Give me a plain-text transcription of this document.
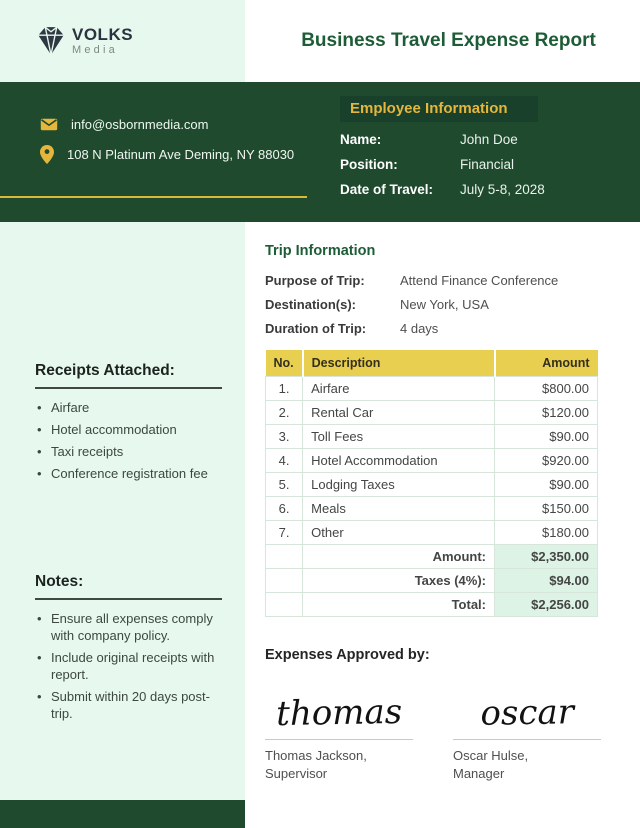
VOLKS
Media	Business Travel Expense Report
info@osbornmedia.com
108 N Platinum Ave Deming, NY 88030
Employee Information
Name:	John Doe
Position:	Financial
Date of Travel:	July 5-8, 2028
Receipts Attached:
• Airfare
• Hotel accommodation
• Taxi receipts
• Conference registration fee
Notes:
• Ensure all expenses comply with company policy.
• Include original receipts with report.
• Submit within 20 days post-trip.
Trip Information
Purpose of Trip:	Attend Finance Conference
Destination(s):	New York, USA
Duration of Trip:	4 days
No.	Description	Amount
1.	Airfare	$800.00
2.	Rental Car	$120.00
3.	Toll Fees	$90.00
4.	Hotel Accommodation	$920.00
5.	Lodging Taxes	$90.00
6.	Meals	$150.00
7.	Other	$180.00
	Amount:	$2,350.00
	Taxes (4%):	$94.00
	Total:	$2,256.00
Expenses Approved by:
thomas
Thomas Jackson,
Supervisor
oscar
Oscar Hulse,
Manager
